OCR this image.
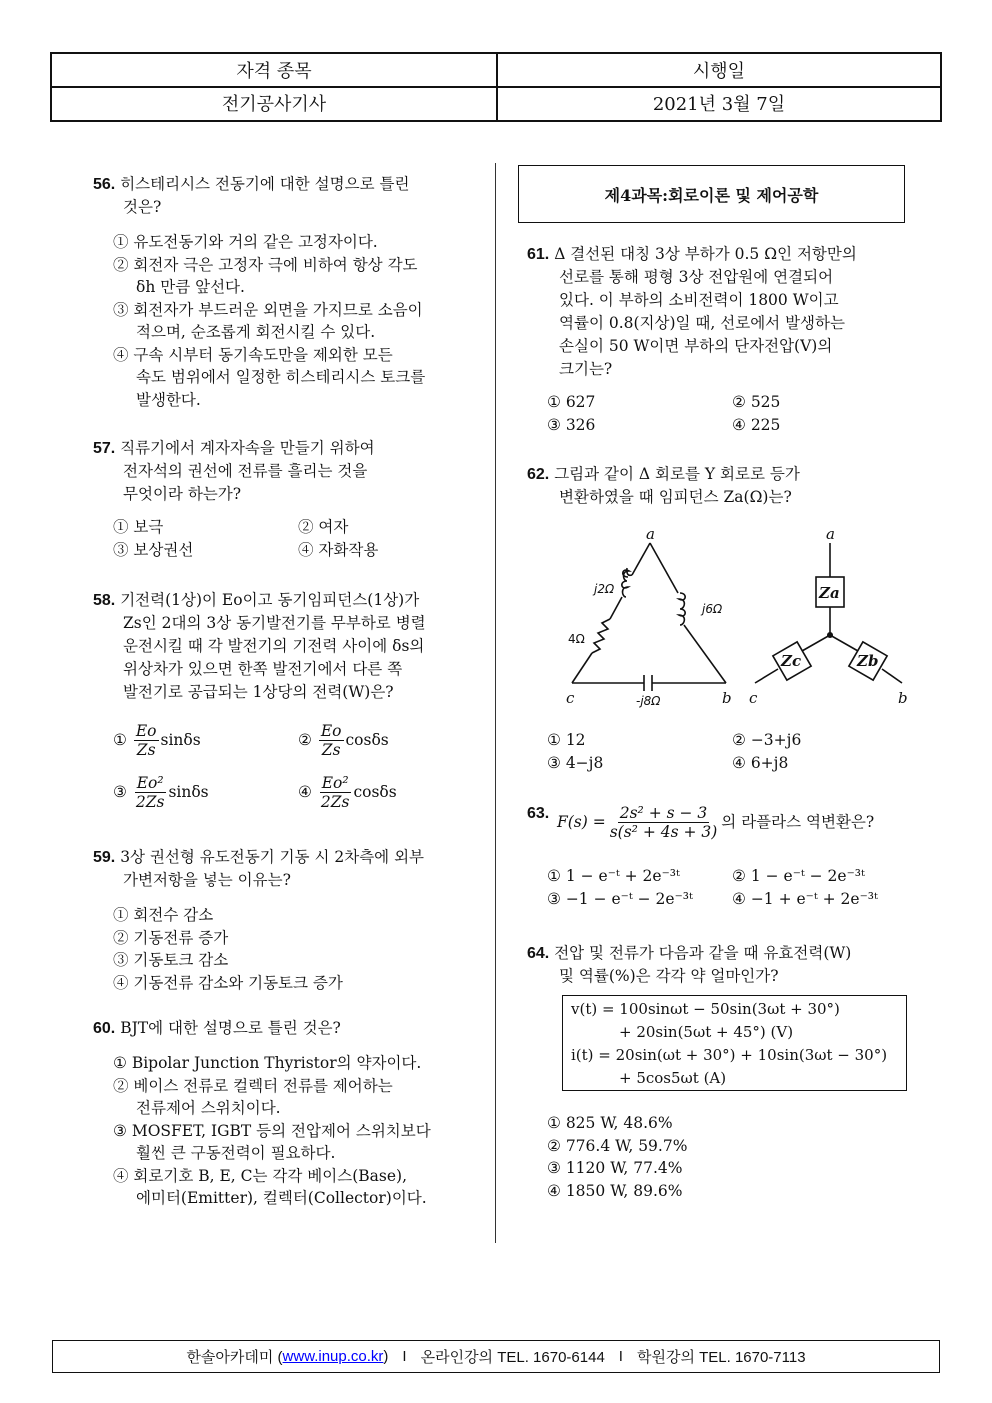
자격 종목	시행일
전기공사기사	2021년 3월 7일
56. 히스테리시스 전동기에 대한 설명으로 틀린
것은?
① 유도전동기와 거의 같은 고정자이다.
② 회전자 극은 고정자 극에 비하여 항상 각도
δh 만큼 앞선다.
③ 회전자가 부드러운 외면을 가지므로 소음이
적으며, 순조롭게 회전시킬 수 있다.
④ 구속 시부터 동기속도만을 제외한 모든
속도 범위에서 일정한 히스테리시스 토크를
발생한다.
57. 직류기에서 계자자속을 만들기 위하여
전자석의 권선에 전류를 흘리는 것을
무엇이라 하는가?
① 보극	② 여자
③ 보상권선	④ 자화작용
58. 기전력(1상)이 Eo이고 동기임피던스(1상)가
Zs인 2대의 3상 동기발전기를 무부하로 병렬
운전시킬 때 각 발전기의 기전력 사이에 δs의
위상차가 있으면 한쪽 발전기에서 다른 쪽
발전기로 공급되는 1상당의 전력(W)은?
①
$\frac{Eo}{Zs}$ sinδs	②
$\frac{Eo}{Zs}$ cosδs
③
$\frac{\text{Eo²}}{2Zs}$ sinδs	④
$\frac{\text{Eo²}}{2Zs}$ cosδs
59. 3상 권선형 유도전동기 기동 시 2차측에 외부
가변저항을 넣는 이유는?
① 회전수 감소
② 기동전류 증가
③ 기동토크 감소
④ 기동전류 감소와 기동토크 증가
60. BJT에 대한 설명으로 틀린 것은?
① Bipolar Junction Thyristor의 약자이다.
② 베이스 전류로 컬렉터 전류를 제어하는
전류제어 스위치이다.
③ MOSFET, IGBT 등의 전압제어 스위치보다
훨씬 큰 구동전력이 필요하다.
④ 회로기호 B, E, C는 각각 베이스(Base),
에미터(Emitter), 컬렉터(Collector)이다.
제4과목:회로이론 및 제어공학
61. Δ 결선된 대칭 3상 부하가 0.5 Ω인 저항만의
선로를 통해 평형 3상 전압원에 연결되어
있다. 이 부하의 소비전력이 1800 W이고
역률이 0.8(지상)일 때, 선로에서 발생하는
손실이 50 W이면 부하의 단자전압(V)의
크기는?
① 627	② 525
③ 326	④ 225
62. 그림과 같이 Δ 회로를 Y 회로로 등가
변환하였을 때 임피던스 Za(Ω)는?
a
c	b
a
c	b
Za
Zc	Zb
j2Ω
j6Ω
4Ω
-j8Ω
① 12	② −3+j6
③ 4−j8	④ 6+j8
63. $F(s) = \frac{\text{2s² + s − 3}}{\text{s(s² + 4s + 3)}}$ 의 라플라스 역변환은?
① 1 − e⁻ᵗ + 2e⁻³ᵗ	② 1 − e⁻ᵗ − 2e⁻³ᵗ
③ −1 − e⁻ᵗ − 2e⁻³ᵗ	④ −1 + e⁻ᵗ + 2e⁻³ᵗ
64. 전압 및 전류가 다음과 같을 때 유효전력(W)
및 역률(%)은 각각 약 얼마인가?
v(t) = 100sinωt − 50sin(3ωt + 30°)
+ 20sin(5ωt + 45°) (V)
i(t) = 20sin(ωt + 30°) + 10sin(3ωt − 30°)
+ 5cos5ωt (A)
① 825 W, 48.6%
② 776.4 W, 59.7%
③ 1120 W, 77.4%
④ 1850 W, 89.6%
한솔아카데미 ( www.inup.co.kr ) I 온라인강의 TEL. 1670-6144 I 학원강의 TEL. 1670-7113
